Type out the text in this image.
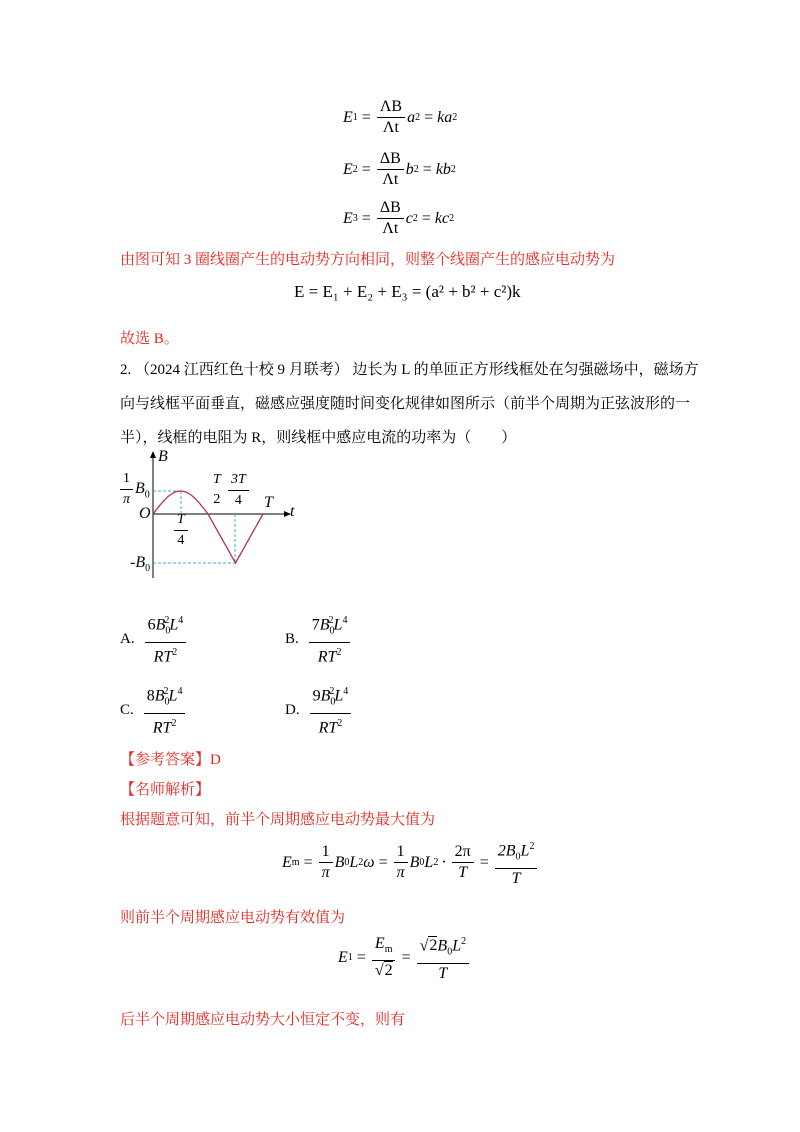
E $1 = \frac{\Lambda B}{\Lambda t}$ a 2 = ka 2
E $2 = \frac{\Delta B}{\Lambda t}$ b 2 = kb 2
E $3 = \frac{\Delta B}{\Lambda t}$ c 2 = kc 2
由图可知 3 圈线圈产生的电动势方向相同，则整个线圈产生的感应电动势为
E = E₁ + E₂ + E₃ = (a² + b² + c²)k
故选 B。
2. （2024 江西红色十校 9 月联考） 边长为 L 的单匝正方形线框处在匀强磁场中，磁场方
向与线框平面垂直，磁感应强度随时间变化规律如图所示（前半个周期为正弦波形的一
半），线框的电阻为 R，则线框中感应电流的功率为（　　）
B
t
O
$\frac{1}{\pi} B_0$
$-B_0$
T
$2 \frac{3T}{4}$ T
$\frac{T}{4}$
A. $\frac{6B_0^2L^4}{RT^2}$	B. $\frac{7B_0^2L^4}{RT^2}$
C. $\frac{8B_0^2L^4}{RT^2}$	D. $\frac{9B_0^2L^4}{RT^2}$
【参考答案】D
【名师解析】
根据题意可知，前半个周期感应电动势最大值为
E $m = \frac{1}{\pi}$ B 0 L 2 $\omega = \frac{1}{\pi}$ B 0 L $2 \cdot \frac{2\pi}{T} = \frac{2B_0L^2}{T}$
则前半个周期感应电动势有效值为
E $1 = \frac{E_m}{√2} = \frac{√2B_0L^2}{T}$
后半个周期感应电动势大小恒定不变，则有
